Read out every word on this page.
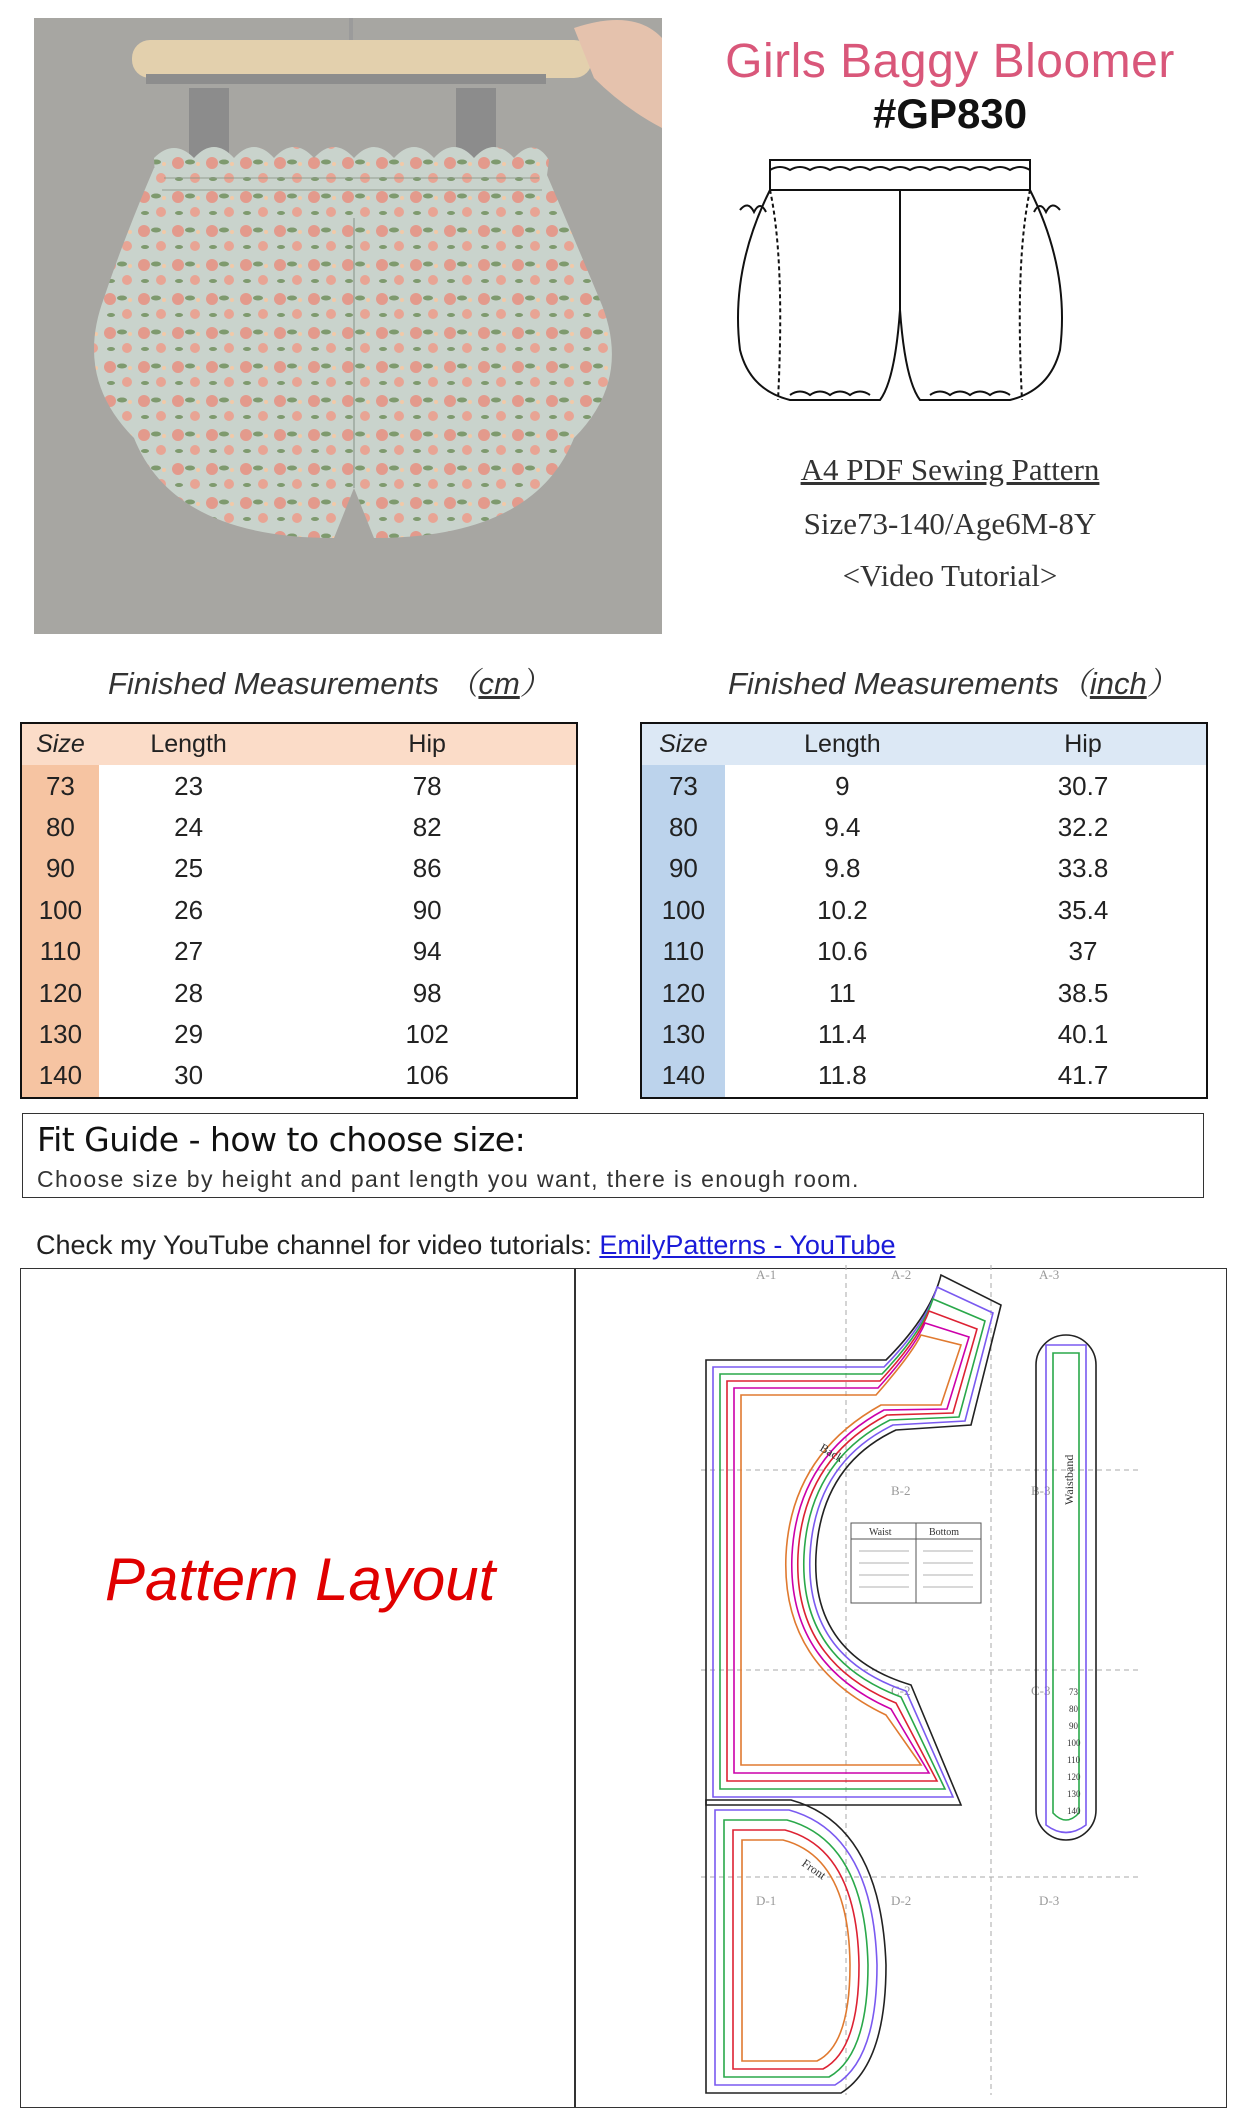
Girls Baggy Bloomer
#GP830
A4 PDF Sewing Pattern
Size73-140/Age6M-8Y
<Video Tutorial>
Finished Measurements （cm）	Finished Measurements（inch）
Size	Length	Hip
73	23	78
80	24	82
90	25	86
100	26	90
110	27	94
120	28	98
130	29	102
140	30	106
Size	Length	Hip
73	9	30.7
80	9.4	32.2
90	9.8	33.8
100	10.2	35.4
110	10.6	37
120	11	38.5
130	11.4	40.1
140	11.8	41.7
Fit Guide - how to choose size:
Choose size by height and pant length you want, there is enough room.
Check my YouTube channel for video tutorials: EmilyPatterns - YouTube
Pattern Layout
A-1	A-2	A-3
B-2	B-3
C-2	C-3
D-1	D-2	D-3
Back
Waist	Bottom
Waistband
73
80
90
100
110
120
130
140
Front
